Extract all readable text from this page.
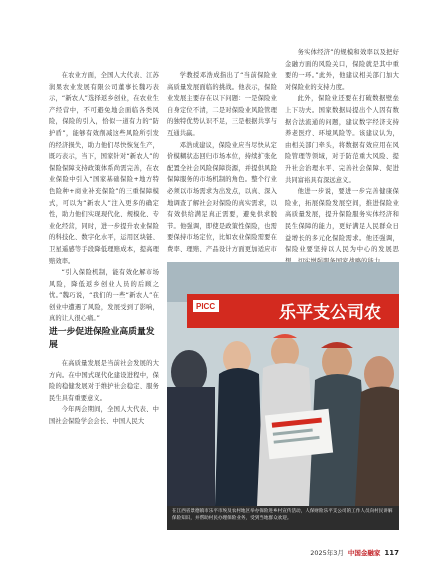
在农业方面，全国人大代表、江苏润果农业发展有限公司董事长魏巧表示，“新农人”选择返乡创业，在农业生产经营中，不可避免地会面临各类风险，保险的引入，恰似一道有力的“防护盾”，能够有效削减这些风险所引发的经济损失，助力他们尽快恢复生产，既巧表示，当下，国家针对“新农人”的保险保障支持政策体系尚需完善，在农业保险中引入“国家基础保险+地方特色险种+商业补充保险”的三重保障模式，可以为“新农人”注入更多的确定性，助力他们实现现代化、规模化、专业化经营，同时，进一步提升农业保险的科技化、数字化水平，运用区块链、卫星遥感等手段降低理赔成本，提高理赔效率。

“引入保险机制，能有效化解市场风险，降低返乡创业人员的后顾之忧。”魏巧说，“我们的一些“新农人”在创业中遭遇了风险，发展受到了影响，真的让人很心痛。”

进一步促进保险业高质量发展

在高质量发展是当前社会发展的大方向。在中国式现代化建设进程中，保险的稳健发展对于维护社会稳定、服务民生具有重要意义。

今年两会期间，全国人大代表、中国社会保险学会会长、中国人民大

学教授邓浩成指出了“当前保险业高质量发展面临的挑战。他表示，保险业发展主要存在以下问题：一是保险业自身定位不清，二是对保险业风险管理的独特优势认识不足，三是根据共享与互通共赢。

邓浩成建议，保险业应当尽快从定价模糊状态回归市场本位，持续扩张化配置全社会风险保障资源，并提供风险保障服务的市场机制的角色。整个行业必须以市场需求为出发点，以真、深入地调查了解社会对保险的真实需求，以有效供给满足真正需要，避免供求脱节。他强调，即使是政策性保险，也需要保持市场定位，比如农业保险需要在费率、理赔、产品设计方面更加适应市

务实体经济”的规模和效率以及把好金融方面的风险关口，保险就是其中重要的一环。”此外，他建议相关部门加大对保险业的支持力度。

此外，保险业还要在打破数据壁垒上下功夫。国家数据局提出个人因有数据合法流通的问题，建议数字经济支持养老医疗、环境风险等。该建议认为，由相关部门牵头，将数据有效应用在风险管理等领域，对于防范重大风险、提升社会治理水平、完善社会保障、促进共同富裕具有深远意义。

他进一步说，要进一步完善健康保险业，拓展保险发展空间，推进保险业高质量发展，提升保险服务实体经济和民生保障的能力，更好满足人民群众日益增长的多元化保险需求。他还强调，保险业要坚持以人民为中心的发展思

PICC	乐平支公司农
在江西省景德镇市乐平市埃及农村地区举办保险进乡村宣传活动，人保财险乐平支公司的工作人员向村民讲解保险知识，并帮助村民办理保险业务，受到当地群众欢迎。
2025年3月 中国金融家 117
